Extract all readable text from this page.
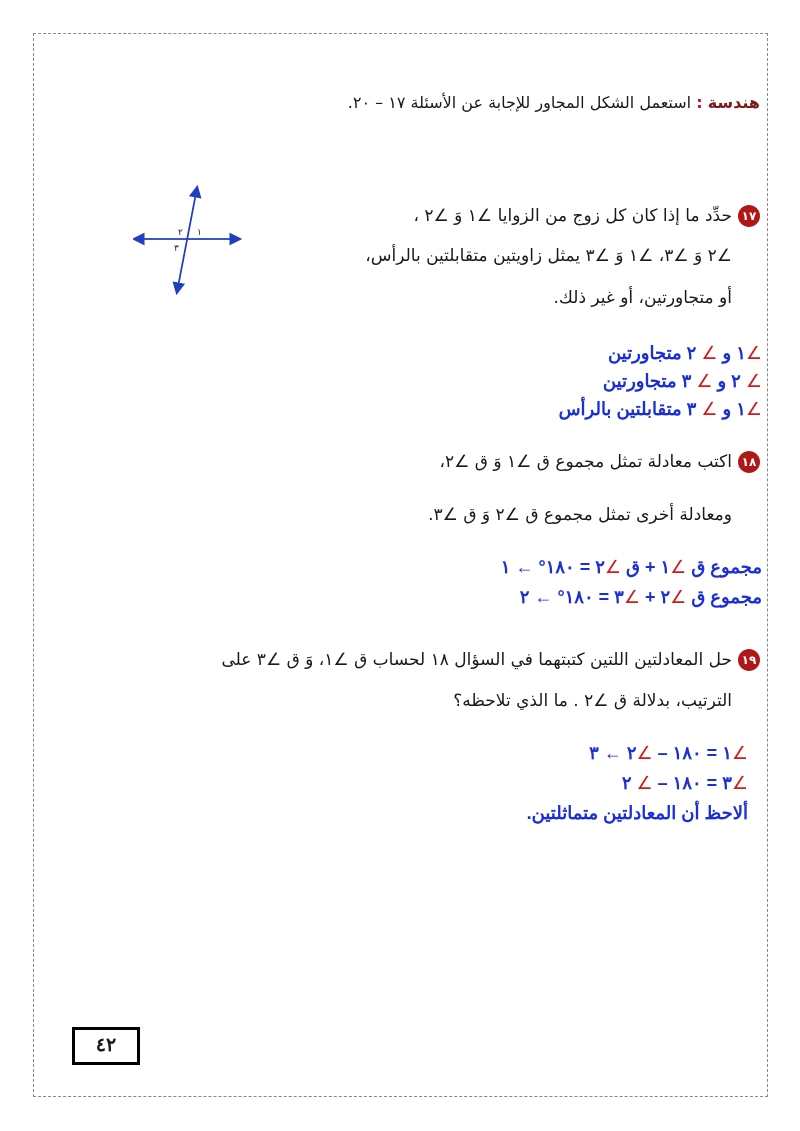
هندسة : استعمل الشكل المجاور للإجابة عن الأسئلة ١٧ – ٢٠.
١
٢
٣
١٧حدِّد ما إذا كان كل زوج من الزوايا ∠١ وَ ∠٢ ،
∠٢ وَ ∠٣، ∠١ وَ ∠٣ يمثل زاويتين متقابلتين بالرأس،
أو متجاورتين، أو غير ذلك.
∠١ و ∠ ٢ متجاورتين
∠ ٢ و ∠ ٣ متجاورتين
∠١ و ∠ ٣ متقابلتين بالرأس
١٨اكتب معادلة تمثل مجموع ق ∠١ وَ ق ∠٢،
ومعادلة أخرى تمثل مجموع ق ∠٢ وَ ق ∠٣.
مجموع ق ∠١ + ق ∠٢ = ١٨٠° ← ١
مجموع ق ∠٢ + ∠٣ = ١٨٠° ← ٢
١٩حل المعادلتين اللتين كتبتهما في السؤال ١٨ لحساب ق ∠١، وَ ق ∠٣ على
الترتيب، بدلالة ق ∠٢ . ما الذي تلاحظه؟
∠١ = ١٨٠ – ∠٢ ← ٣
∠٣ = ١٨٠ – ∠ ٢
ألاحظ أن المعادلتين متماثلتين.
٤٢
